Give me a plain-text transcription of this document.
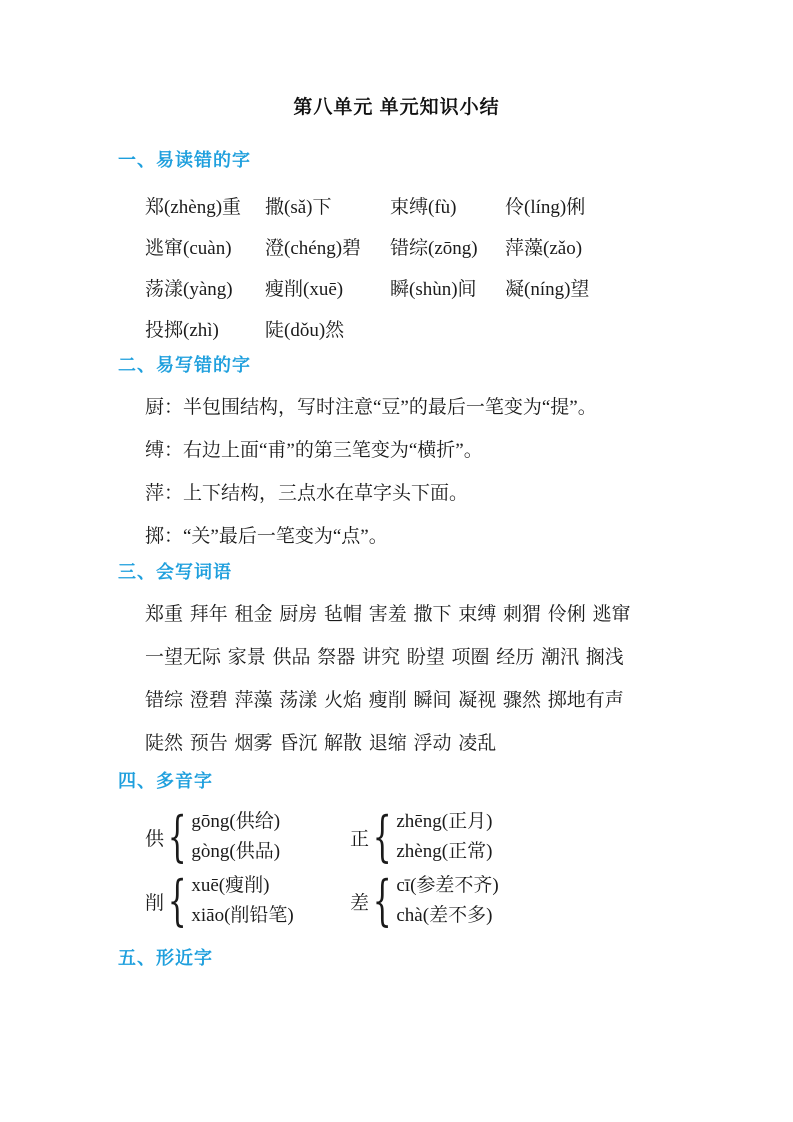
第八单元 单元知识小结
一、易读错的字
郑(zhèng)重	撒(sǎ)下	束缚(fù)	伶(líng)俐
逃窜(cuàn)	澄(chéng)碧	错综(zōng)	萍藻(zǎo)
荡漾(yàng)	瘦削(xuē)	瞬(shùn)间	凝(níng)望
投掷(zhì)	陡(dǒu)然
二、易写错的字
厨：半包围结构，写时注意“豆”的最后一笔变为“提”。
缚：右边上面“甫”的第三笔变为“横折”。
萍：上下结构，三点水在草字头下面。
掷：“关”最后一笔变为“点”。
三、会写词语
郑重 拜年 租金 厨房 毡帽 害羞 撒下 束缚 刺猬 伶俐 逃窜
一望无际 家景 供品 祭器 讲究 盼望 项圈 经历 潮汛 搁浅
错综 澄碧 萍藻 荡漾 火焰 瘦削 瞬间 凝视 骤然 掷地有声
陡然 预告 烟雾 昏沉 解散 退缩 浮动 凌乱
四、多音字
供 { gōng(供给)
gòng(供品)
正 { zhēng(正月)
zhèng(正常)
削 { xuē(瘦削)
xiāo(削铅笔)
差 { cī(参差不齐)
chà(差不多)
五、形近字
